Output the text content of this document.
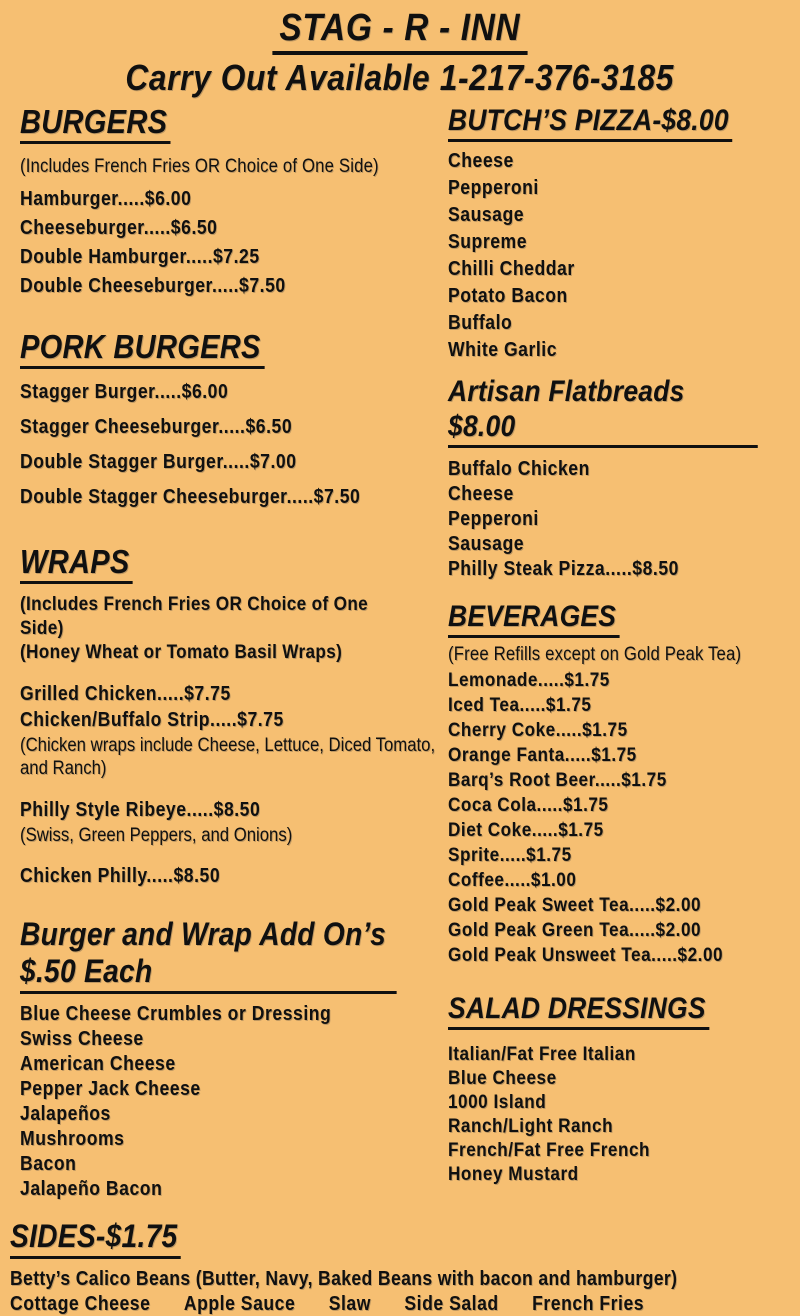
STAG - R - INN
Carry Out Available 1-217-376-3185
BURGERS
(Includes French Fries OR Choice of One Side)
Hamburger.....$6.00
Cheeseburger.....$6.50
Double Hamburger.....$7.25
Double Cheeseburger.....$7.50
PORK BURGERS
Stagger Burger.....$6.00
Stagger Cheeseburger.....$6.50
Double Stagger Burger.....$7.00
Double Stagger Cheeseburger.....$7.50
WRAPS
(Includes French Fries OR Choice of One Side)
(Honey Wheat or Tomato Basil Wraps)
Grilled Chicken.....$7.75
Chicken/Buffalo Strip.....$7.75
(Chicken wraps include Cheese, Lettuce, Diced Tomato, and Ranch)
Philly Style Ribeye.....$8.50
(Swiss, Green Peppers, and Onions)
Chicken Philly.....$8.50
Burger and Wrap Add On’s $.50 Each
Blue Cheese Crumbles or Dressing
Swiss Cheese
American Cheese
Pepper Jack Cheese
Jalapeños
Mushrooms
Bacon
Jalapeño Bacon
BUTCH’S PIZZA-$8.00
Cheese
Pepperoni
Sausage
Supreme
Chilli Cheddar
Potato Bacon
Buffalo
White Garlic
Artisan Flatbreads $8.00
Buffalo Chicken
Cheese
Pepperoni
Sausage
Philly Steak Pizza.....$8.50
BEVERAGES
(Free Refills except on Gold Peak Tea)
Lemonade.....$1.75
Iced Tea.....$1.75
Cherry Coke.....$1.75
Orange Fanta.....$1.75
Barq’s Root Beer.....$1.75
Coca Cola.....$1.75
Diet Coke.....$1.75
Sprite.....$1.75
Coffee.....$1.00
Gold Peak Sweet Tea.....$2.00
Gold Peak Green Tea.....$2.00
Gold Peak Unsweet Tea.....$2.00
SALAD DRESSINGS
Italian/Fat Free Italian
Blue Cheese
1000 Island
Ranch/Light Ranch
French/Fat Free French
Honey Mustard
SIDES-$1.75
Betty’s Calico Beans (Butter, Navy, Baked Beans with bacon and hamburger)
Cottage Cheese Apple Sauce Slaw Side Salad French Fries
